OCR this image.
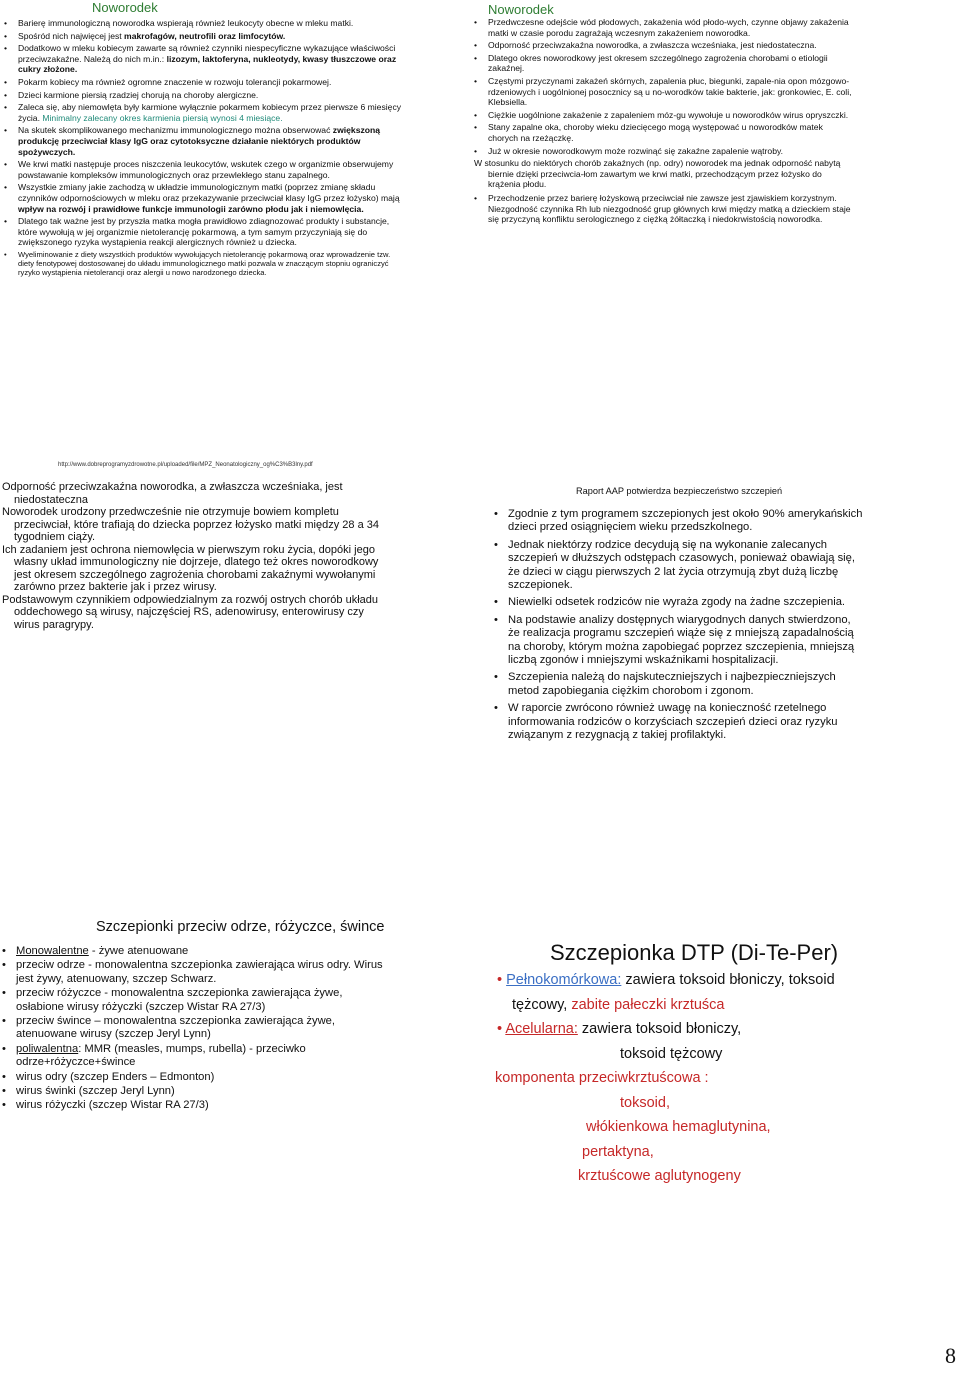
Noworodek
• Barierę immunologiczną noworodka wspierają również leukocyty obecne w mleku matki.
• Spośród nich najwięcej jest makrofagów, neutrofili oraz limfocytów.
• Dodatkowo w mleku kobiecym zawarte są również czynniki niespecyficzne wykazujące właściwości przeciwzakaźne. Należą do nich m.in.: lizozym, laktoferyna, nukleotydy, kwasy tłuszczowe oraz cukry złożone.
• Pokarm kobiecy ma również ogromne znaczenie w rozwoju tolerancji pokarmowej.
• Dzieci karmione piersią rzadziej chorują na choroby alergiczne.
• Zaleca się, aby niemowlęta były karmione wyłącznie pokarmem kobiecym przez pierwsze 6 miesięcy życia. Minimalny zalecany okres karmienia piersią wynosi 4 miesiące.
• Na skutek skomplikowanego mechanizmu immunologicznego można obserwować zwiększoną produkcję przeciwciał klasy IgG oraz cytotoksyczne działanie niektórych produktów spożywczych.
• We krwi matki następuje proces niszczenia leukocytów, wskutek czego w organizmie obserwujemy powstawanie kompleksów immunologicznych oraz przewlekłego stanu zapalnego.
• Wszystkie zmiany jakie zachodzą w układzie immunologicznym matki (poprzez zmianę składu czynników odpornościowych w mleku oraz przekazywanie przeciwciał klasy IgG przez łożysko) mają wpływ na rozwój i prawidłowe funkcje immunologii zarówno płodu jak i niemowlęcia.
• Dlatego tak ważne jest by przyszła matka mogła prawidłowo zdiagnozować produkty i substancje, które wywołują w jej organizmie nietolerancję pokarmową, a tym samym przyczyniają się do zwiększonego ryzyka wystąpienia reakcji alergicznych również u dziecka.
• Wyeliminowanie z diety wszystkich produktów wywołujących nietolerancję pokarmową oraz wprowadzenie tzw. diety fenotypowej dostosowanej do układu immunologicznego matki pozwala w znaczącym stopniu ograniczyć ryzyko wystąpienia nietolerancji oraz alergii u nowo narodzonego dziecka.
Noworodek
• Przedwczesne odejście wód płodowych, zakażenia wód płodo-wych, czynne objawy zakażenia matki w czasie porodu zagrażają wczesnym zakażeniem noworodka.
• Odporność przeciwzakaźna noworodka, a zwłaszcza wcześniaka, jest niedostateczna.
• Dlatego okres noworodkowy jest okresem szczególnego zagrożenia chorobami o etiologii zakaźnej.
• Częstymi przyczynami zakażeń skórnych, zapalenia płuc, biegunki, zapale-nia opon mózgowo-rdzeniowych i uogólnionej posocznicy są u no-worodków takie bakterie, jak: gronkowiec, E. coli, Klebsiella.
• Ciężkie uogólnione zakażenie z zapaleniem móz-gu wywołuje u noworodków wirus opryszczki.
• Stany zapalne oka, choroby wieku dziecięcego mogą występować u noworodków matek chorych na rzeżączkę.
• Już w okresie noworodkowym może rozwinąć się zakaźne zapalenie wątroby.
W stosunku do niektórych chorób zakaźnych (np. odry) noworodek ma jednak odporność nabytą biernie dzięki przeciwcia-łom zawartym we krwi matki, przechodzącym przez łożysko do krążenia płodu.
• Przechodzenie przez barierę łożyskową przeciwciał nie zawsze jest zjawiskiem korzystnym. Niezgodność czynnika Rh lub niezgodność grup głównych krwi między matką a dzieckiem staje się przyczyną konfliktu serologicznego z ciężką żółtaczką i niedokrwistością noworodka.
http://www.dobreprogramyzdrowotne.pl/uploaded/file/MPZ_Neonatologiczny_og%C3%B3lny.pdf

Odporność przeciwzakaźna noworodka, a zwłaszcza wcześniaka, jest niedostateczna

Noworodek urodzony przedwcześnie nie otrzymuje bowiem kompletu przeciwciał, które trafiają do dziecka poprzez łożysko matki między 28 a 34 tygodniem ciąży.

Ich zadaniem jest ochrona niemowlęcia w pierwszym roku życia, dopóki jego własny układ immunologiczny nie dojrzeje, dlatego też okres noworodkowy jest okresem szczególnego zagrożenia chorobami zakaźnymi wywołanymi zarówno przez bakterie jak i przez wirusy.

Podstawowym czynnikiem odpowiedzialnym za rozwój ostrych chorób układu oddechowego są wirusy, najczęściej RS, adenowirusy, enterowirusy czy wirus paragrypy.

Raport AAP potwierdza bezpieczeństwo szczepień
• Zgodnie z tym programem szczepionych jest około 90% amerykańskich dzieci przed osiągnięciem wieku przedszkolnego.
• Jednak niektórzy rodzice decydują się na wykonanie zalecanych szczepień w dłuższych odstępach czasowych, ponieważ obawiają się, że dzieci w ciągu pierwszych 2 lat życia otrzymują zbyt dużą liczbę szczepionek.
• Niewielki odsetek rodziców nie wyraża zgody na żadne szczepienia.
• Na podstawie analizy dostępnych wiarygodnych danych stwierdzono, że realizacja programu szczepień wiąże się z mniejszą zapadalnością na choroby, którym można zapobiegać poprzez szczepienia, mniejszą liczbą zgonów i mniejszymi wskaźnikami hospitalizacji.
• Szczepienia należą do najskuteczniejszych i najbezpieczniejszych metod zapobiegania ciężkim chorobom i zgonom.
• W raporcie zwrócono również uwagę na konieczność rzetelnego informowania rodziców o korzyściach szczepień dzieci oraz ryzyku związanym z rezygnacją z takiej profilaktyki.
Szczepionki przeciw odrze, różyczce, śwince
• Monowalentne - żywe atenuowane
• przeciw odrze - monowalentna szczepionka zawierająca wirus odry. Wirus jest żywy, atenuowany, szczep Schwarz.
• przeciw różyczce - monowalentna szczepionka zawierająca żywe, osłabione wirusy różyczki (szczep Wistar RA 27/3)
• przeciw śwince – monowalentna szczepionka zawierająca żywe, atenuowane wirusy (szczep Jeryl Lynn)
• poliwalentna: MMR (measles, mumps, rubella) - przeciwko odrze+różyczce+śwince
• wirus odry (szczep Enders – Edmonton)
• wirus świnki (szczep Jeryl Lynn)
• wirus różyczki (szczep Wistar RA 27/3)
Szczepionka DTP (Di-Te-Per)

• Pełnokomórkowa: zawiera toksoid błoniczy, toksoid

tężcowy, zabite pałeczki krztuśca

• Acelularna: zawiera toksoid błoniczy,

toksoid tężcowy

komponenta przeciwkrztuścowa :

toksoid,

włókienkowa hemaglutynina,

pertaktyna,

krztuścowe aglutynogeny

8
